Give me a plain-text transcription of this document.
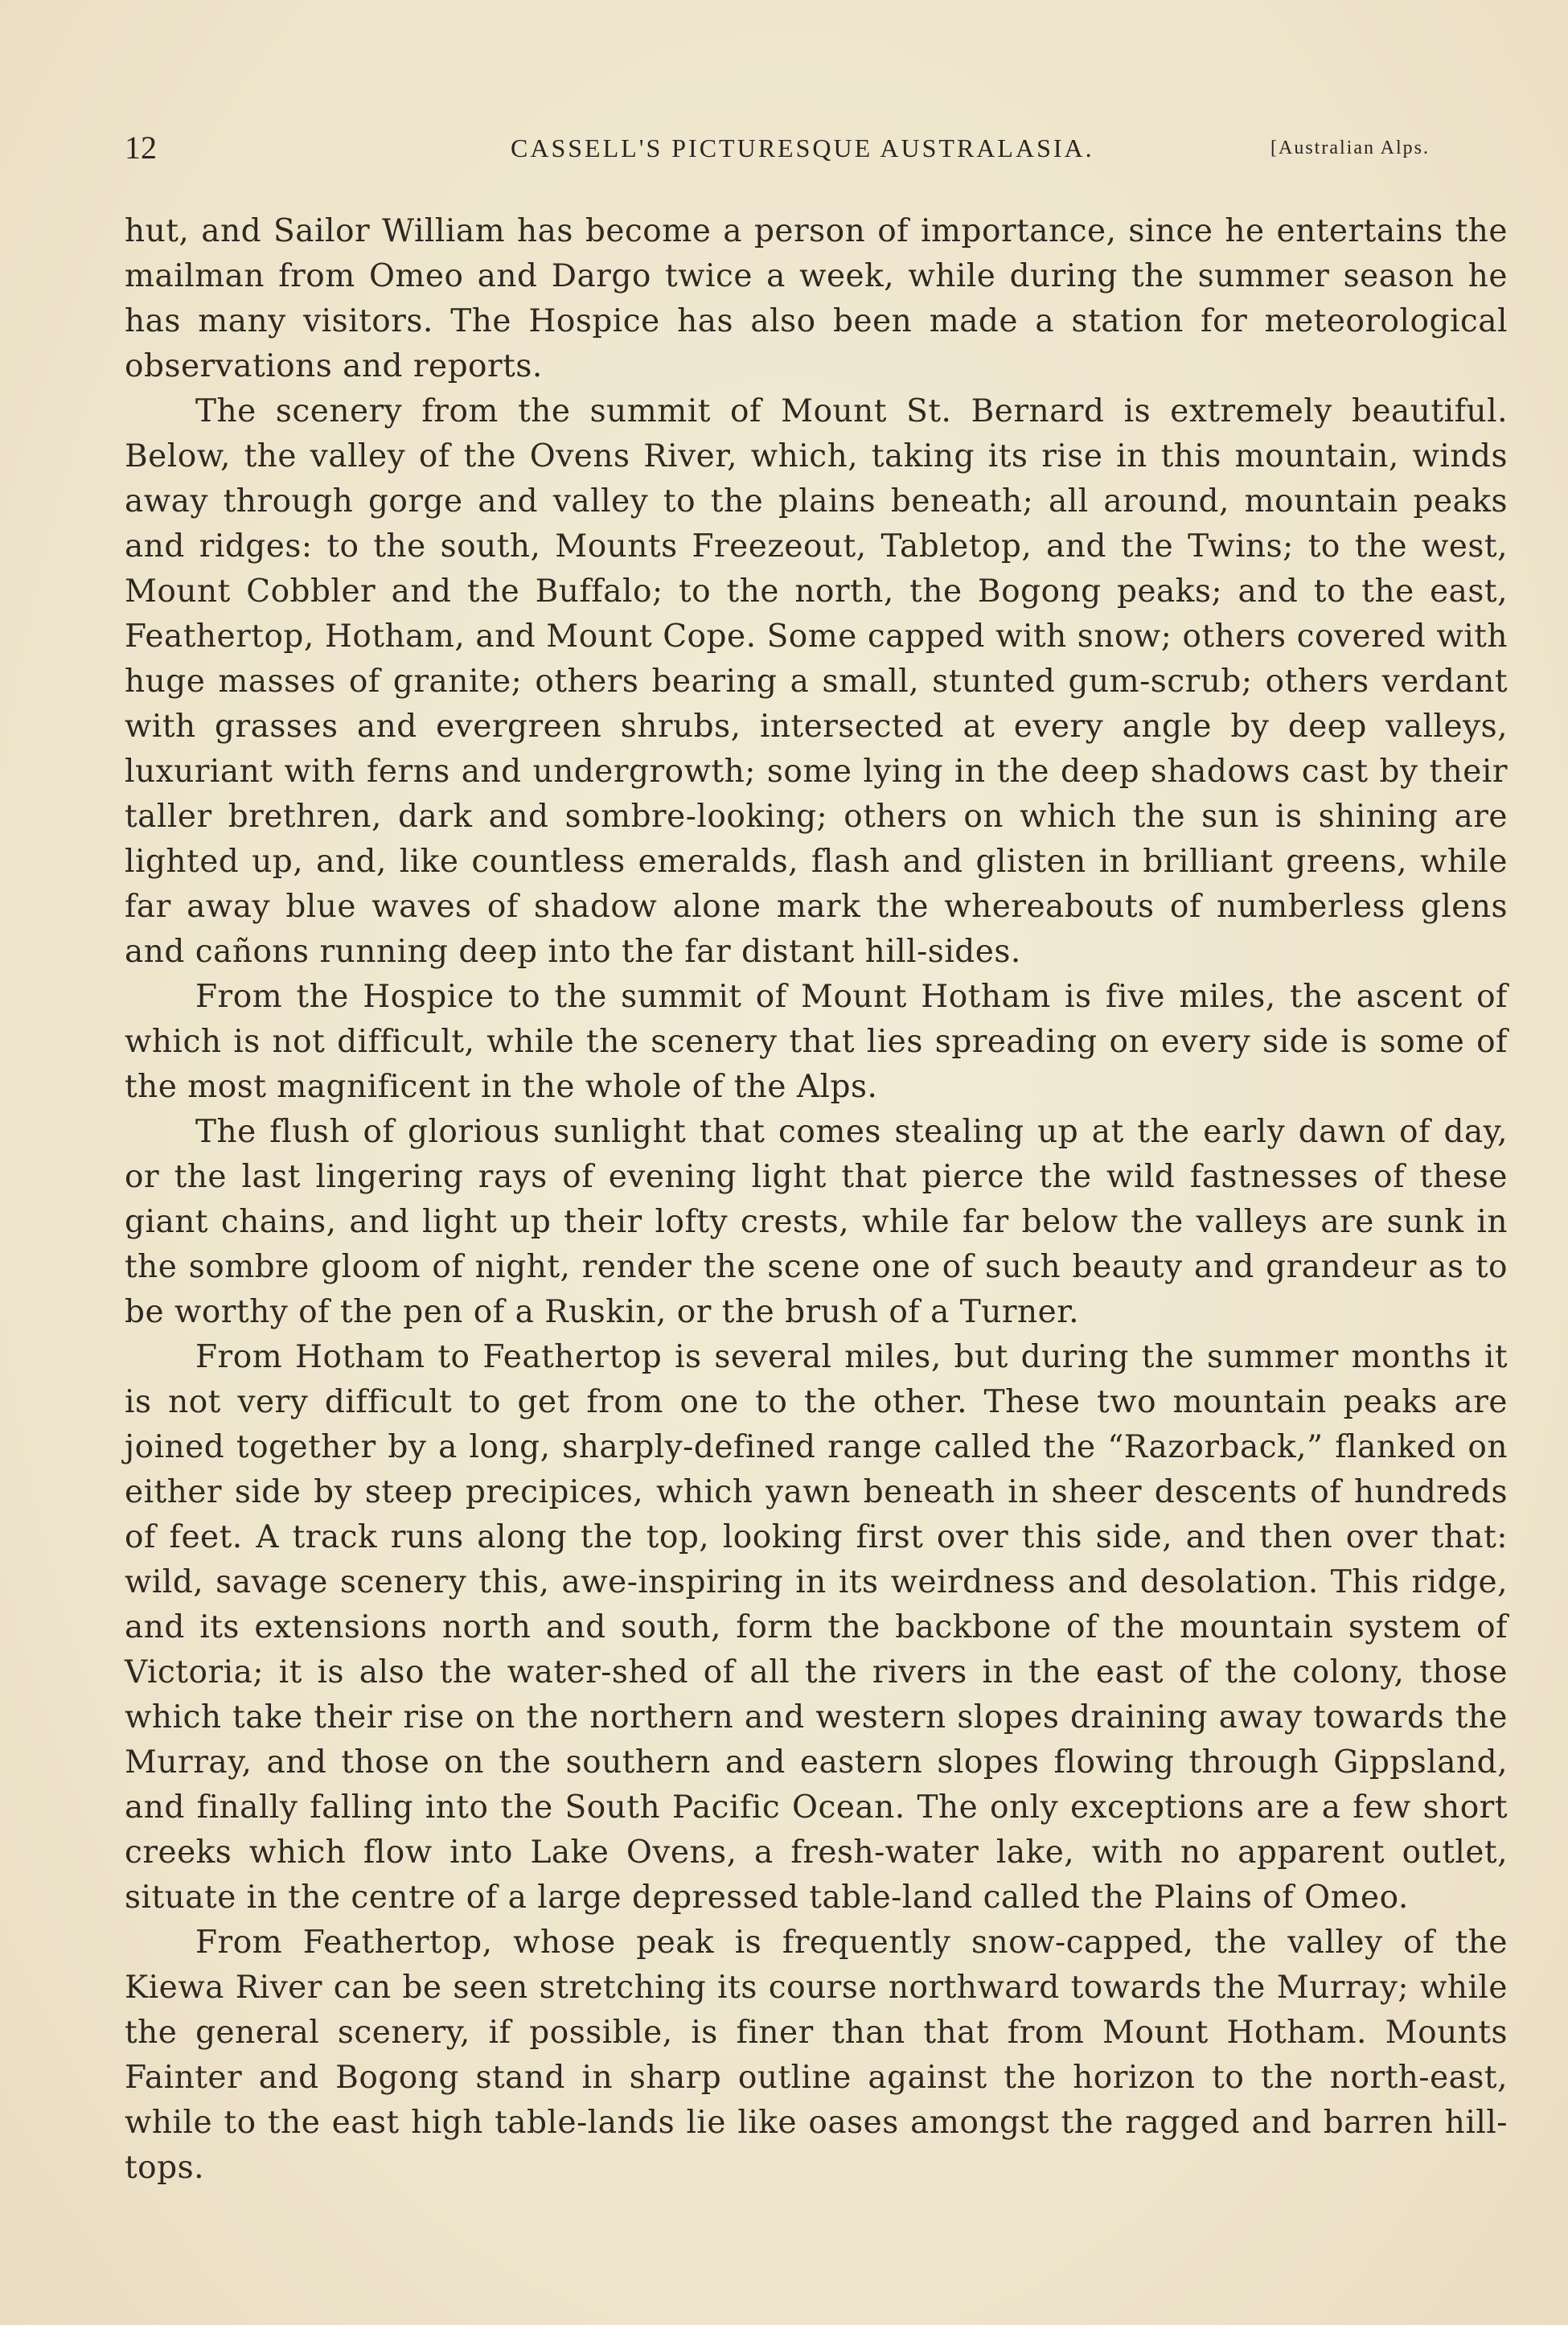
12	CASSELL'S PICTURESQUE AUSTRALASIA.	[Australian Alps.

hut, and Sailor William has become a person of importance, since he entertains the mailman from Omeo and Dargo twice a week, while during the summer season he has many visitors. The Hospice has also been made a station for meteorological observations and reports.

The scenery from the summit of Mount St. Bernard is extremely beautiful. Below, the valley of the Ovens River, which, taking its rise in this mountain, winds away through gorge and valley to the plains beneath; all around, mountain peaks and ridges: to the south, Mounts Freezeout, Tabletop, and the Twins; to the west, Mount Cobbler and the Buffalo; to the north, the Bogong peaks; and to the east, Feathertop, Hotham, and Mount Cope. Some capped with snow; others covered with huge masses of granite; others bearing a small, stunted gum-scrub; others verdant with grasses and evergreen shrubs, intersected at every angle by deep valleys, luxuriant with ferns and undergrowth; some lying in the deep shadows cast by their taller brethren, dark and sombre-looking; others on which the sun is shining are lighted up, and, like countless emeralds, flash and glisten in brilliant greens, while far away blue waves of shadow alone mark the whereabouts of numberless glens and cañons running deep into the far distant hill-sides.

From the Hospice to the summit of Mount Hotham is five miles, the ascent of which is not difficult, while the scenery that lies spreading on every side is some of the most magnificent in the whole of the Alps.

The flush of glorious sunlight that comes stealing up at the early dawn of day, or the last lingering rays of evening light that pierce the wild fastnesses of these giant chains, and light up their lofty crests, while far below the valleys are sunk in the sombre gloom of night, render the scene one of such beauty and grandeur as to be worthy of the pen of a Ruskin, or the brush of a Turner.

From Hotham to Feathertop is several miles, but during the summer months it is not very difficult to get from one to the other. These two mountain peaks are joined together by a long, sharply-defined range called the “Razorback,” flanked on either side by steep precipices, which yawn beneath in sheer descents of hundreds of feet. A track runs along the top, looking first over this side, and then over that: wild, savage scenery this, awe-inspiring in its weirdness and desolation. This ridge, and its extensions north and south, form the backbone of the mountain system of Victoria; it is also the water-shed of all the rivers in the east of the colony, those which take their rise on the northern and western slopes draining away towards the Murray, and those on the southern and eastern slopes flowing through Gippsland, and finally falling into the South Pacific Ocean. The only exceptions are a few short creeks which flow into Lake Ovens, a fresh-water lake, with no apparent outlet, situate in the centre of a large depressed table-land called the Plains of Omeo.

From Feathertop, whose peak is frequently snow-capped, the valley of the Kiewa River can be seen stretching its course northward towards the Murray; while the general scenery, if possible, is finer than that from Mount Hotham. Mounts Fainter and Bogong stand in sharp outline against the horizon to the north-east, while to the east high table-lands lie like oases amongst the ragged and barren hill-tops.
